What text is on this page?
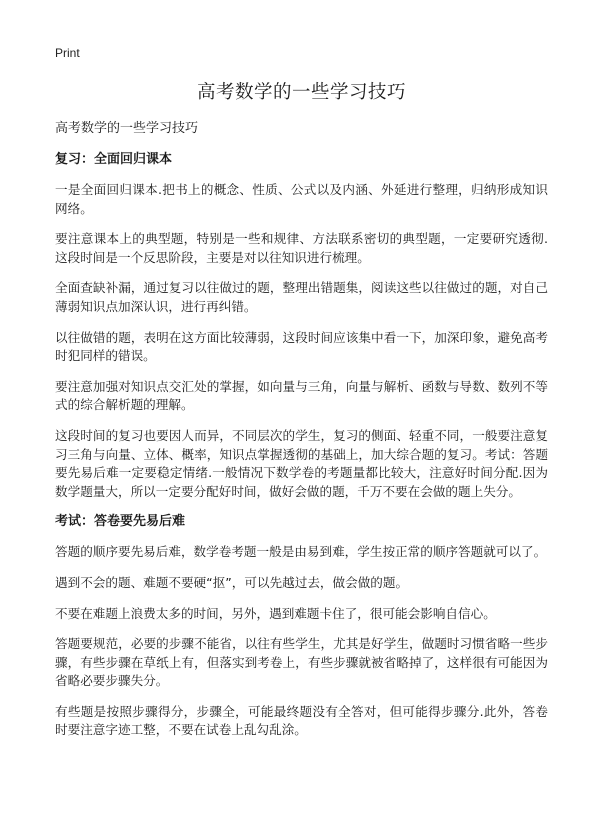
Print
高考数学的一些学习技巧
高考数学的一些学习技巧
复习：全面回归课本

一是全面回归课本.把书上的概念、性质、公式以及内涵、外延进行整理，归纳形成知识网络。

要注意课本上的典型题，特别是一些和规律、方法联系密切的典型题，一定要研究透彻.这段时间是一个反思阶段，主要是对以往知识进行梳理。

全面查缺补漏，通过复习以往做过的题，整理出错题集，阅读这些以往做过的题，对自己薄弱知识点加深认识，进行再纠错。

以往做错的题，表明在这方面比较薄弱，这段时间应该集中看一下，加深印象，避免高考时犯同样的错误。

要注意加强对知识点交汇处的掌握，如向量与三角，向量与解析、函数与导数、数列不等式的综合解析题的理解。

这段时间的复习也要因人而异，不同层次的学生，复习的侧面、轻重不同，一般要注意复习三角与向量、立体、概率，知识点掌握透彻的基础上，加大综合题的复习。考试：答题要先易后难一定要稳定情绪.一般情况下数学卷的考题量都比较大，注意好时间分配.因为数学题量大，所以一定要分配好时间，做好会做的题，千万不要在会做的题上失分。

考试：答卷要先易后难

答题的顺序要先易后难，数学卷考题一般是由易到难，学生按正常的顺序答题就可以了。

遇到不会的题、难题不要硬“抠”，可以先越过去，做会做的题。

不要在难题上浪费太多的时间，另外，遇到难题卡住了，很可能会影响自信心。

答题要规范，必要的步骤不能省，以往有些学生，尤其是好学生，做题时习惯省略一些步骤，有些步骤在草纸上有，但落实到考卷上，有些步骤就被省略掉了，这样很有可能因为省略必要步骤失分。

有些题是按照步骤得分，步骤全，可能最终题没有全答对，但可能得步骤分.此外，答卷时要注意字迹工整，不要在试卷上乱勾乱涂。
